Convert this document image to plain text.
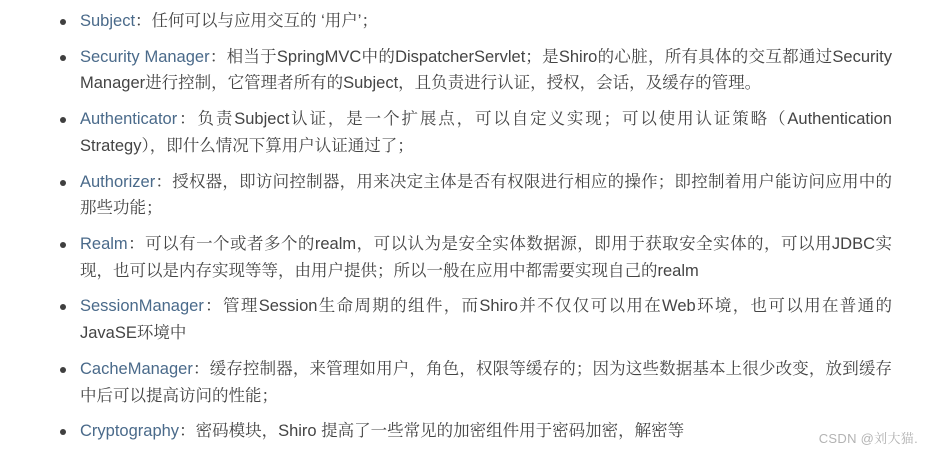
Subject：任何可以与应用交互的 ‘用户’；
Security Manager：相当于SpringMVC中的DispatcherServlet；是Shiro的心脏，所有具体的交互都通过Security Manager进行控制，它管理者所有的Subject，且负责进行认证，授权，会话，及缓存的管理。
Authenticator：负责Subject认证，是一个扩展点，可以自定义实现；可以使用认证策略（Authentication Strategy），即什么情况下算用户认证通过了；
Authorizer：授权器，即访问控制器，用来决定主体是否有权限进行相应的操作；即控制着用户能访问应用中的那些功能；
Realm：可以有一个或者多个的realm，可以认为是安全实体数据源，即用于获取安全实体的，可以用JDBC实现，也可以是内存实现等等，由用户提供；所以一般在应用中都需要实现自己的realm
SessionManager：管理Session生命周期的组件，而Shiro并不仅仅可以用在Web环境，也可以用在普通的JavaSE环境中
CacheManager：缓存控制器，来管理如用户，角色，权限等缓存的；因为这些数据基本上很少改变，放到缓存中后可以提高访问的性能；
Cryptography：密码模块，Shiro 提高了一些常见的加密组件用于密码加密，解密等	CSDN @刘大猫.
